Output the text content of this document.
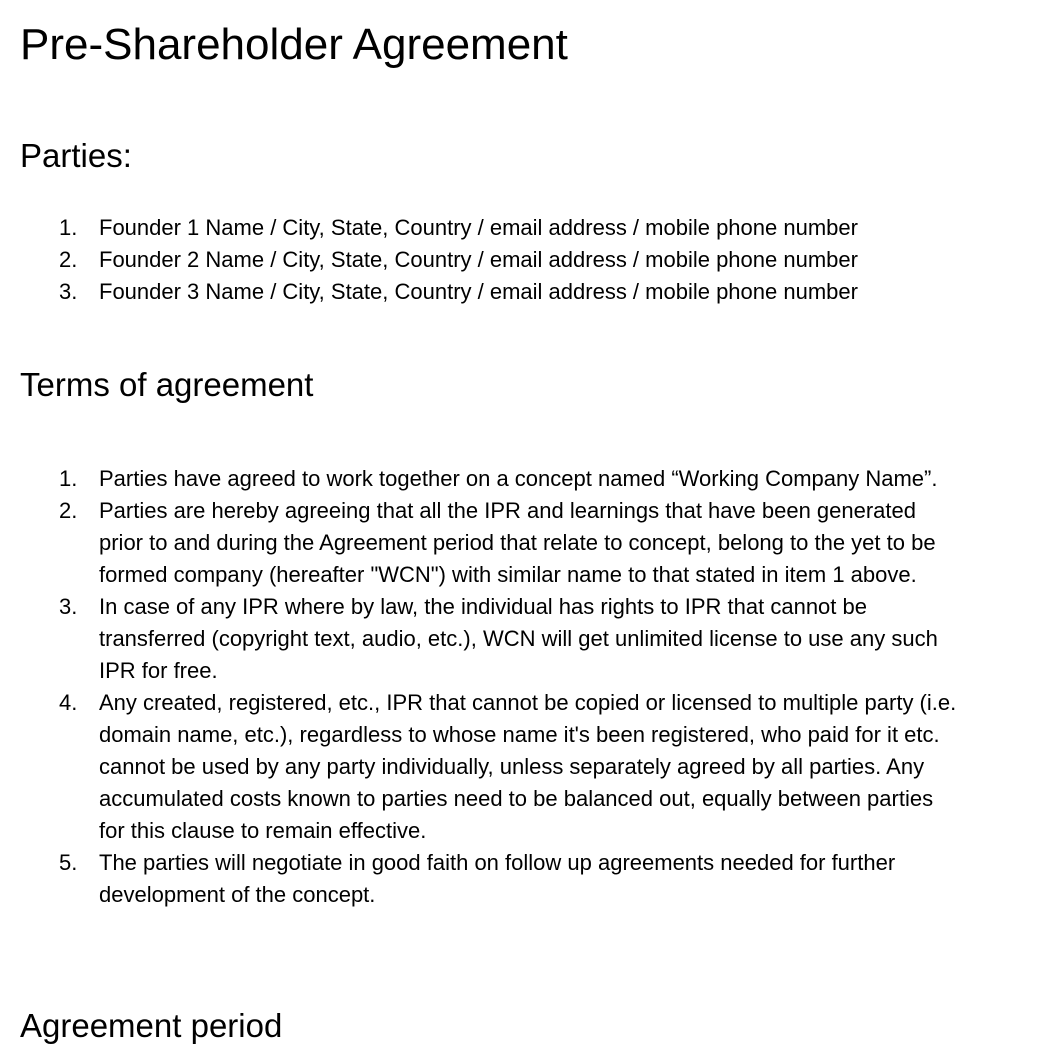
Pre-Shareholder Agreement
Parties:
1. Founder 1 Name / City, State, Country / email address / mobile phone number
2. Founder 2 Name / City, State, Country / email address / mobile phone number
3. Founder 3 Name / City, State, Country / email address / mobile phone number
Terms of agreement
1. Parties have agreed to work together on a concept named “Working Company Name”.
2. Parties are hereby agreeing that all the IPR and learnings that have been generated
prior to and during the Agreement period that relate to concept, belong to the yet to be
formed company (hereafter "WCN") with similar name to that stated in item 1 above.
3. In case of any IPR where by law, the individual has rights to IPR that cannot be
transferred (copyright text, audio, etc.), WCN will get unlimited license to use any such
IPR for free.
4. Any created, registered, etc., IPR that cannot be copied or licensed to multiple party (i.e.
domain name, etc.), regardless to whose name it's been registered, who paid for it etc.
cannot be used by any party individually, unless separately agreed by all parties. Any
accumulated costs known to parties need to be balanced out, equally between parties
for this clause to remain effective.
5. The parties will negotiate in good faith on follow up agreements needed for further
development of the concept.
Agreement period
